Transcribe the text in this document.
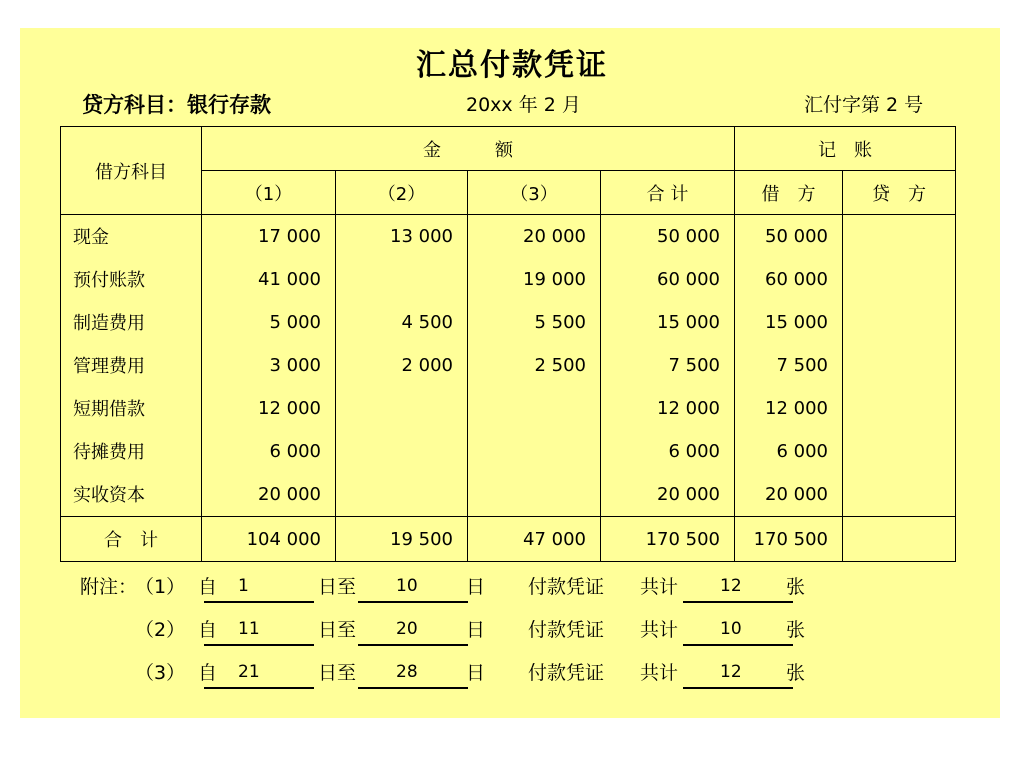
汇总付款凭证
贷方科目：银行存款	20xx 年 2 月	汇付字第 2 号
借方科目	金　　　额				记　账	
	（1）	（2）	（3）	合 计	借　方	贷　方
现金	17 000	13 000	20 000	50 000	50 000	
预付账款	41 000		19 000	60 000	60 000	
制造费用	5 000	4 500	5 500	15 000	15 000	
管理费用	3 000	2 000	2 500	7 500	7 500	
短期借款	12 000			12 000	12 000	
待摊费用	6 000			6 000	6 000	
实收资本	20 000			20 000	20 000	
合　计	104 000	19 500	47 000	170 500	170 500	
附注：
（1） 自 1	日至 10	日 付款凭证 共计 12 张
（2） 自 11	日至 20	日 付款凭证 共计 10 张
（3） 自 21	日至 28	日 付款凭证 共计 12 张
